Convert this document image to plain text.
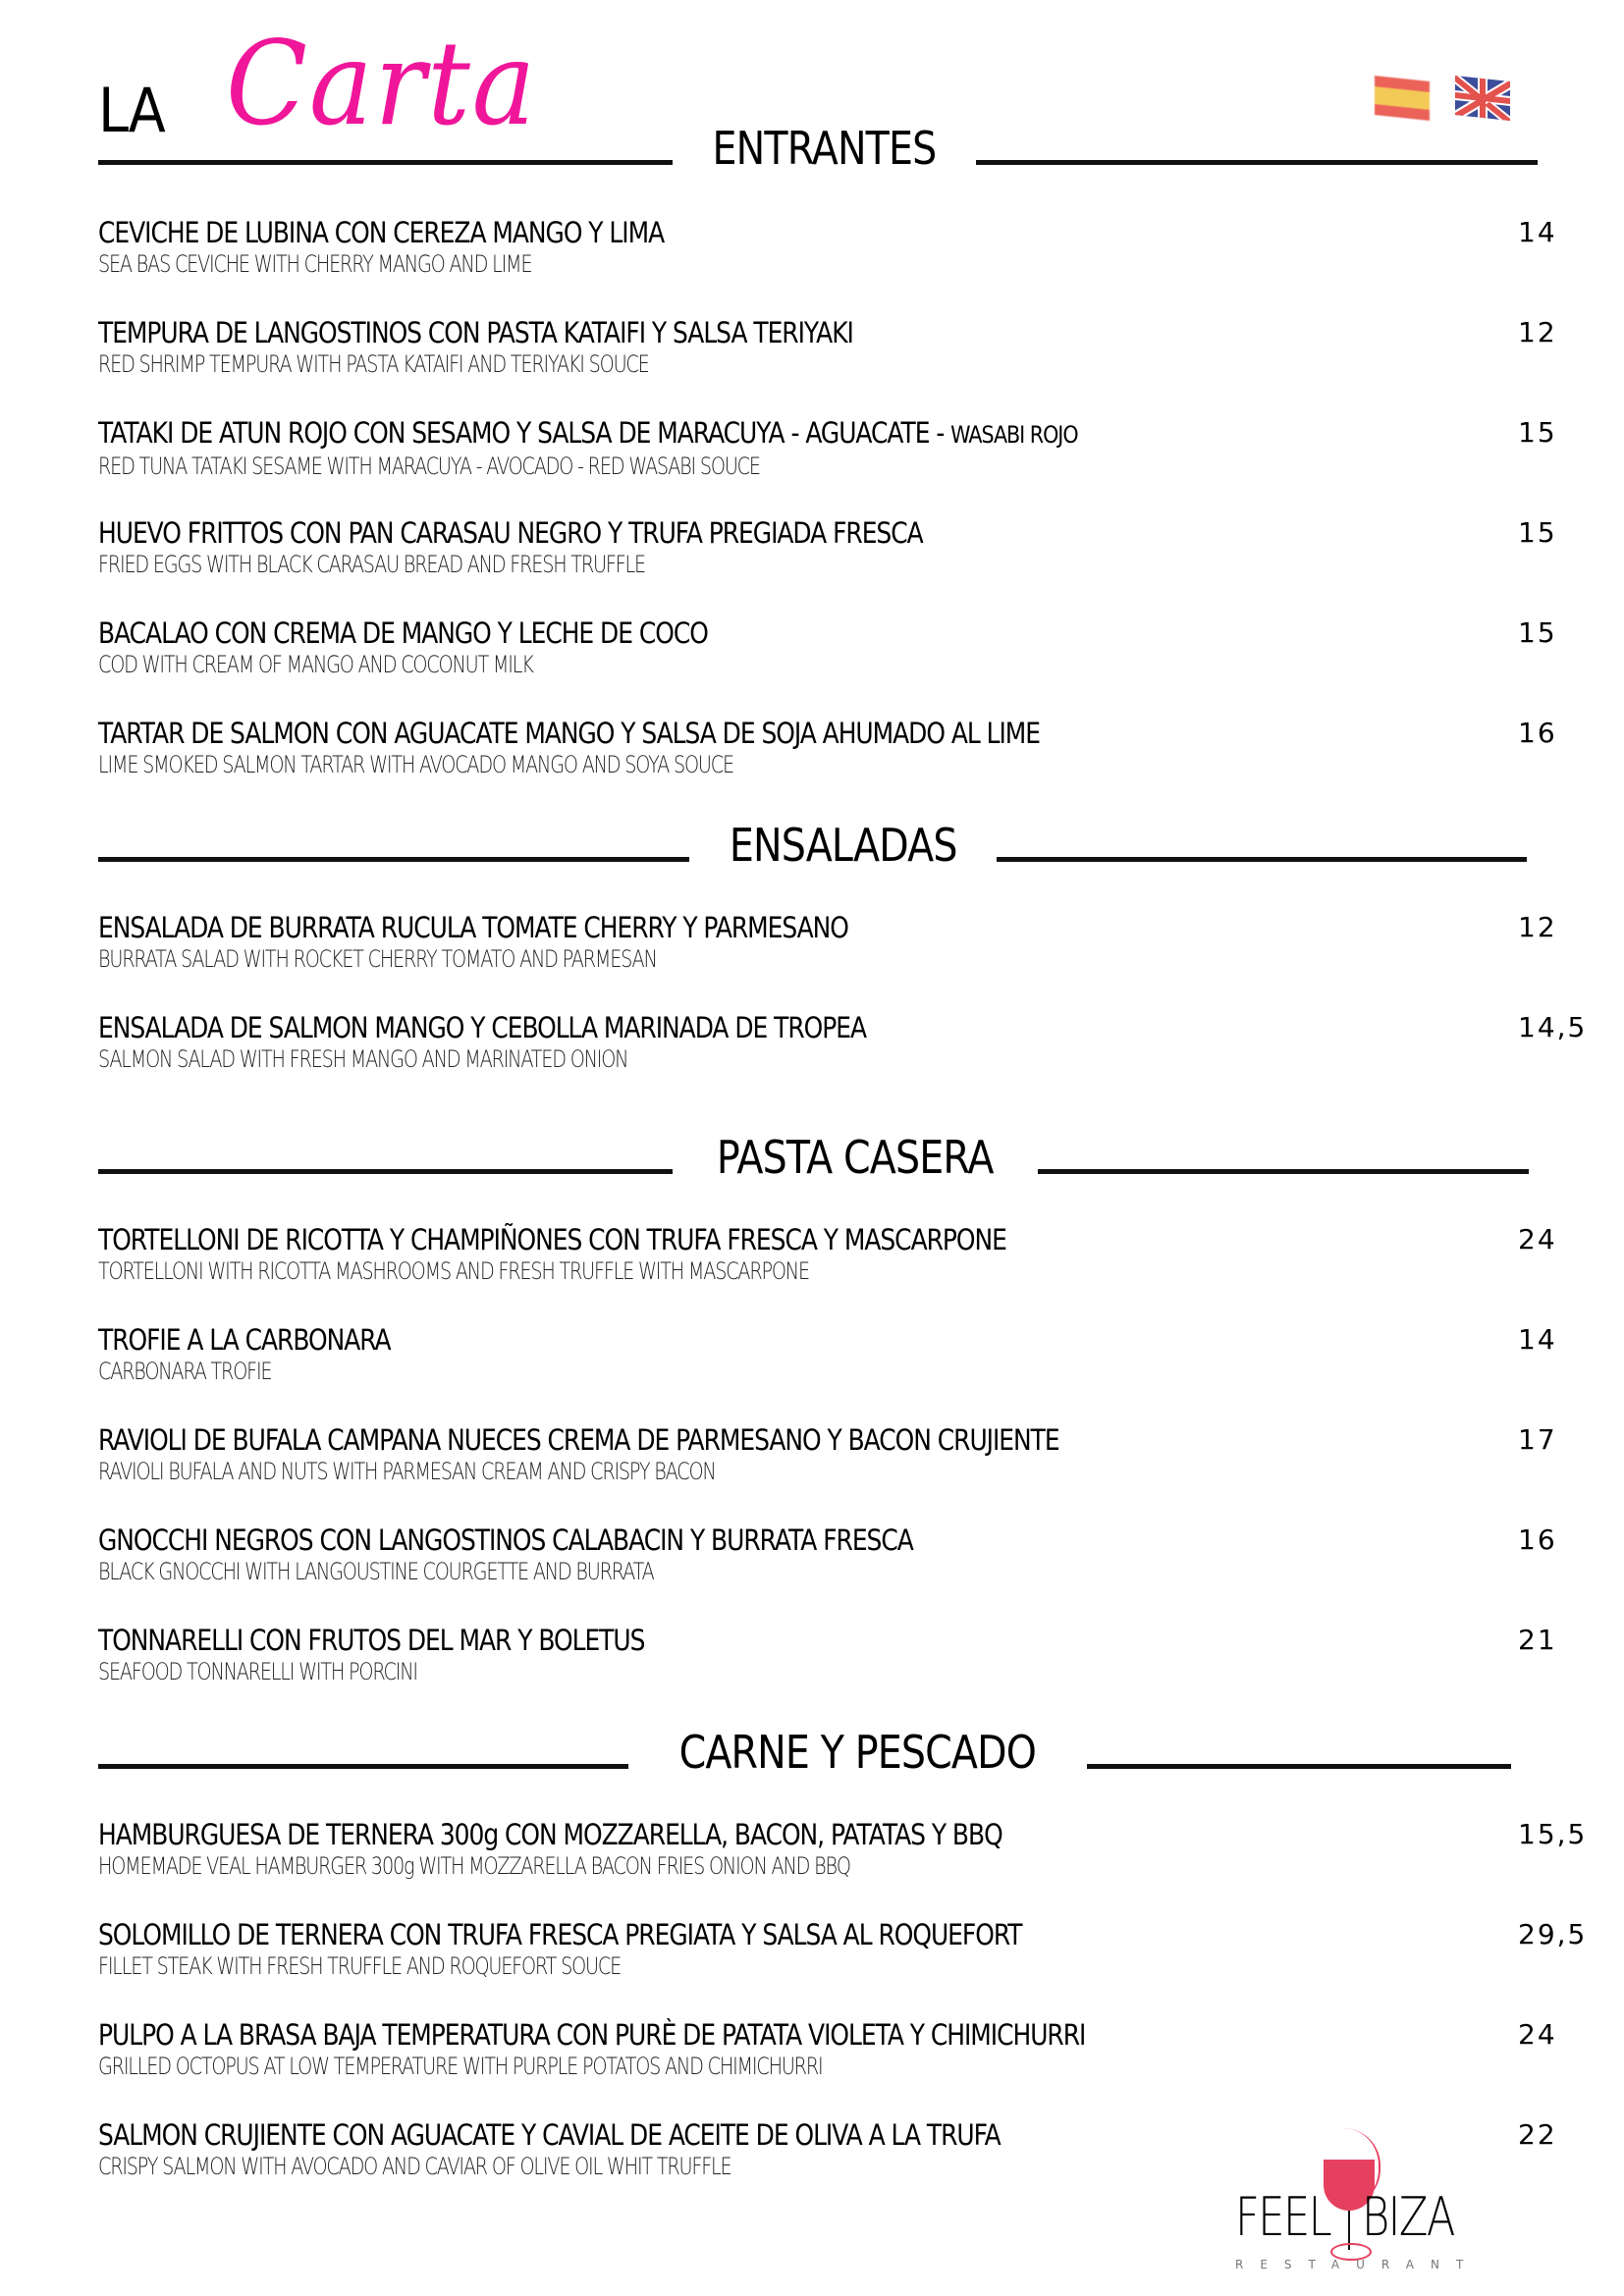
LA Carta	ENTRANTES
CEVICHE DE LUBINA CON CEREZA MANGO Y LIMA
SEA BAS CEVICHE WITH CHERRY MANGO AND LIME
14
TEMPURA DE LANGOSTINOS CON PASTA KATAIFI Y SALSA TERIYAKI
RED SHRIMP TEMPURA WITH PASTA KATAIFI AND TERIYAKI SOUCE
12
TATAKI DE ATUN ROJO CON SESAMO Y SALSA DE MARACUYA - AGUACATE - WASABI ROJO
RED TUNA TATAKI SESAME WITH MARACUYA - AVOCADO - RED WASABI SOUCE
15
HUEVO FRITTOS CON PAN CARASAU NEGRO Y TRUFA PREGIADA FRESCA
FRIED EGGS WITH BLACK CARASAU BREAD AND FRESH TRUFFLE
15
BACALAO CON CREMA DE MANGO Y LECHE DE COCO
COD WITH CREAM OF MANGO AND COCONUT MILK
15
TARTAR DE SALMON CON AGUACATE MANGO Y SALSA DE SOJA AHUMADO AL LIME
LIME SMOKED SALMON TARTAR WITH AVOCADO MANGO AND SOYA SOUCE
16
ENSALADAS
ENSALADA DE BURRATA RUCULA TOMATE CHERRY Y PARMESANO
BURRATA SALAD WITH ROCKET CHERRY TOMATO AND PARMESAN
12
ENSALADA DE SALMON MANGO Y CEBOLLA MARINADA DE TROPEA
SALMON SALAD WITH FRESH MANGO AND MARINATED ONION
14,5
PASTA CASERA
TORTELLONI DE RICOTTA Y CHAMPIÑONES CON TRUFA FRESCA Y MASCARPONE
TORTELLONI WITH RICOTTA MASHROOMS AND FRESH TRUFFLE WITH MASCARPONE
24
TROFIE A LA CARBONARA
CARBONARA TROFIE
14
RAVIOLI DE BUFALA CAMPANA NUECES CREMA DE PARMESANO Y BACON CRUJIENTE
RAVIOLI BUFALA AND NUTS WITH PARMESAN CREAM AND CRISPY BACON
17
GNOCCHI NEGROS CON LANGOSTINOS CALABACIN Y BURRATA FRESCA
BLACK GNOCCHI WITH LANGOUSTINE COURGETTE AND BURRATA
16
TONNARELLI CON FRUTOS DEL MAR Y BOLETUS
SEAFOOD TONNARELLI WITH PORCINI
21
CARNE Y PESCADO
HAMBURGUESA DE TERNERA 300g CON MOZZARELLA, BACON, PATATAS Y BBQ
HOMEMADE VEAL HAMBURGER 300g WITH MOZZARELLA BACON FRIES ONION AND BBQ
15,5
SOLOMILLO DE TERNERA CON TRUFA FRESCA PREGIATA Y SALSA AL ROQUEFORT
FILLET STEAK WITH FRESH TRUFFLE AND ROQUEFORT SOUCE
29,5
PULPO A LA BRASA BAJA TEMPERATURA CON PURÈ DE PATATA VIOLETA Y CHIMICHURRI
GRILLED OCTOPUS AT LOW TEMPERATURE WITH PURPLE POTATOS AND CHIMICHURRI
24
SALMON CRUJIENTE CON AGUACATE Y CAVIAL DE ACEITE DE OLIVA A LA TRUFA
CRISPY SALMON WITH AVOCADO AND CAVIAR OF OLIVE OIL WHIT TRUFFLE
22
FEEL BIZA
RESTAURANT
